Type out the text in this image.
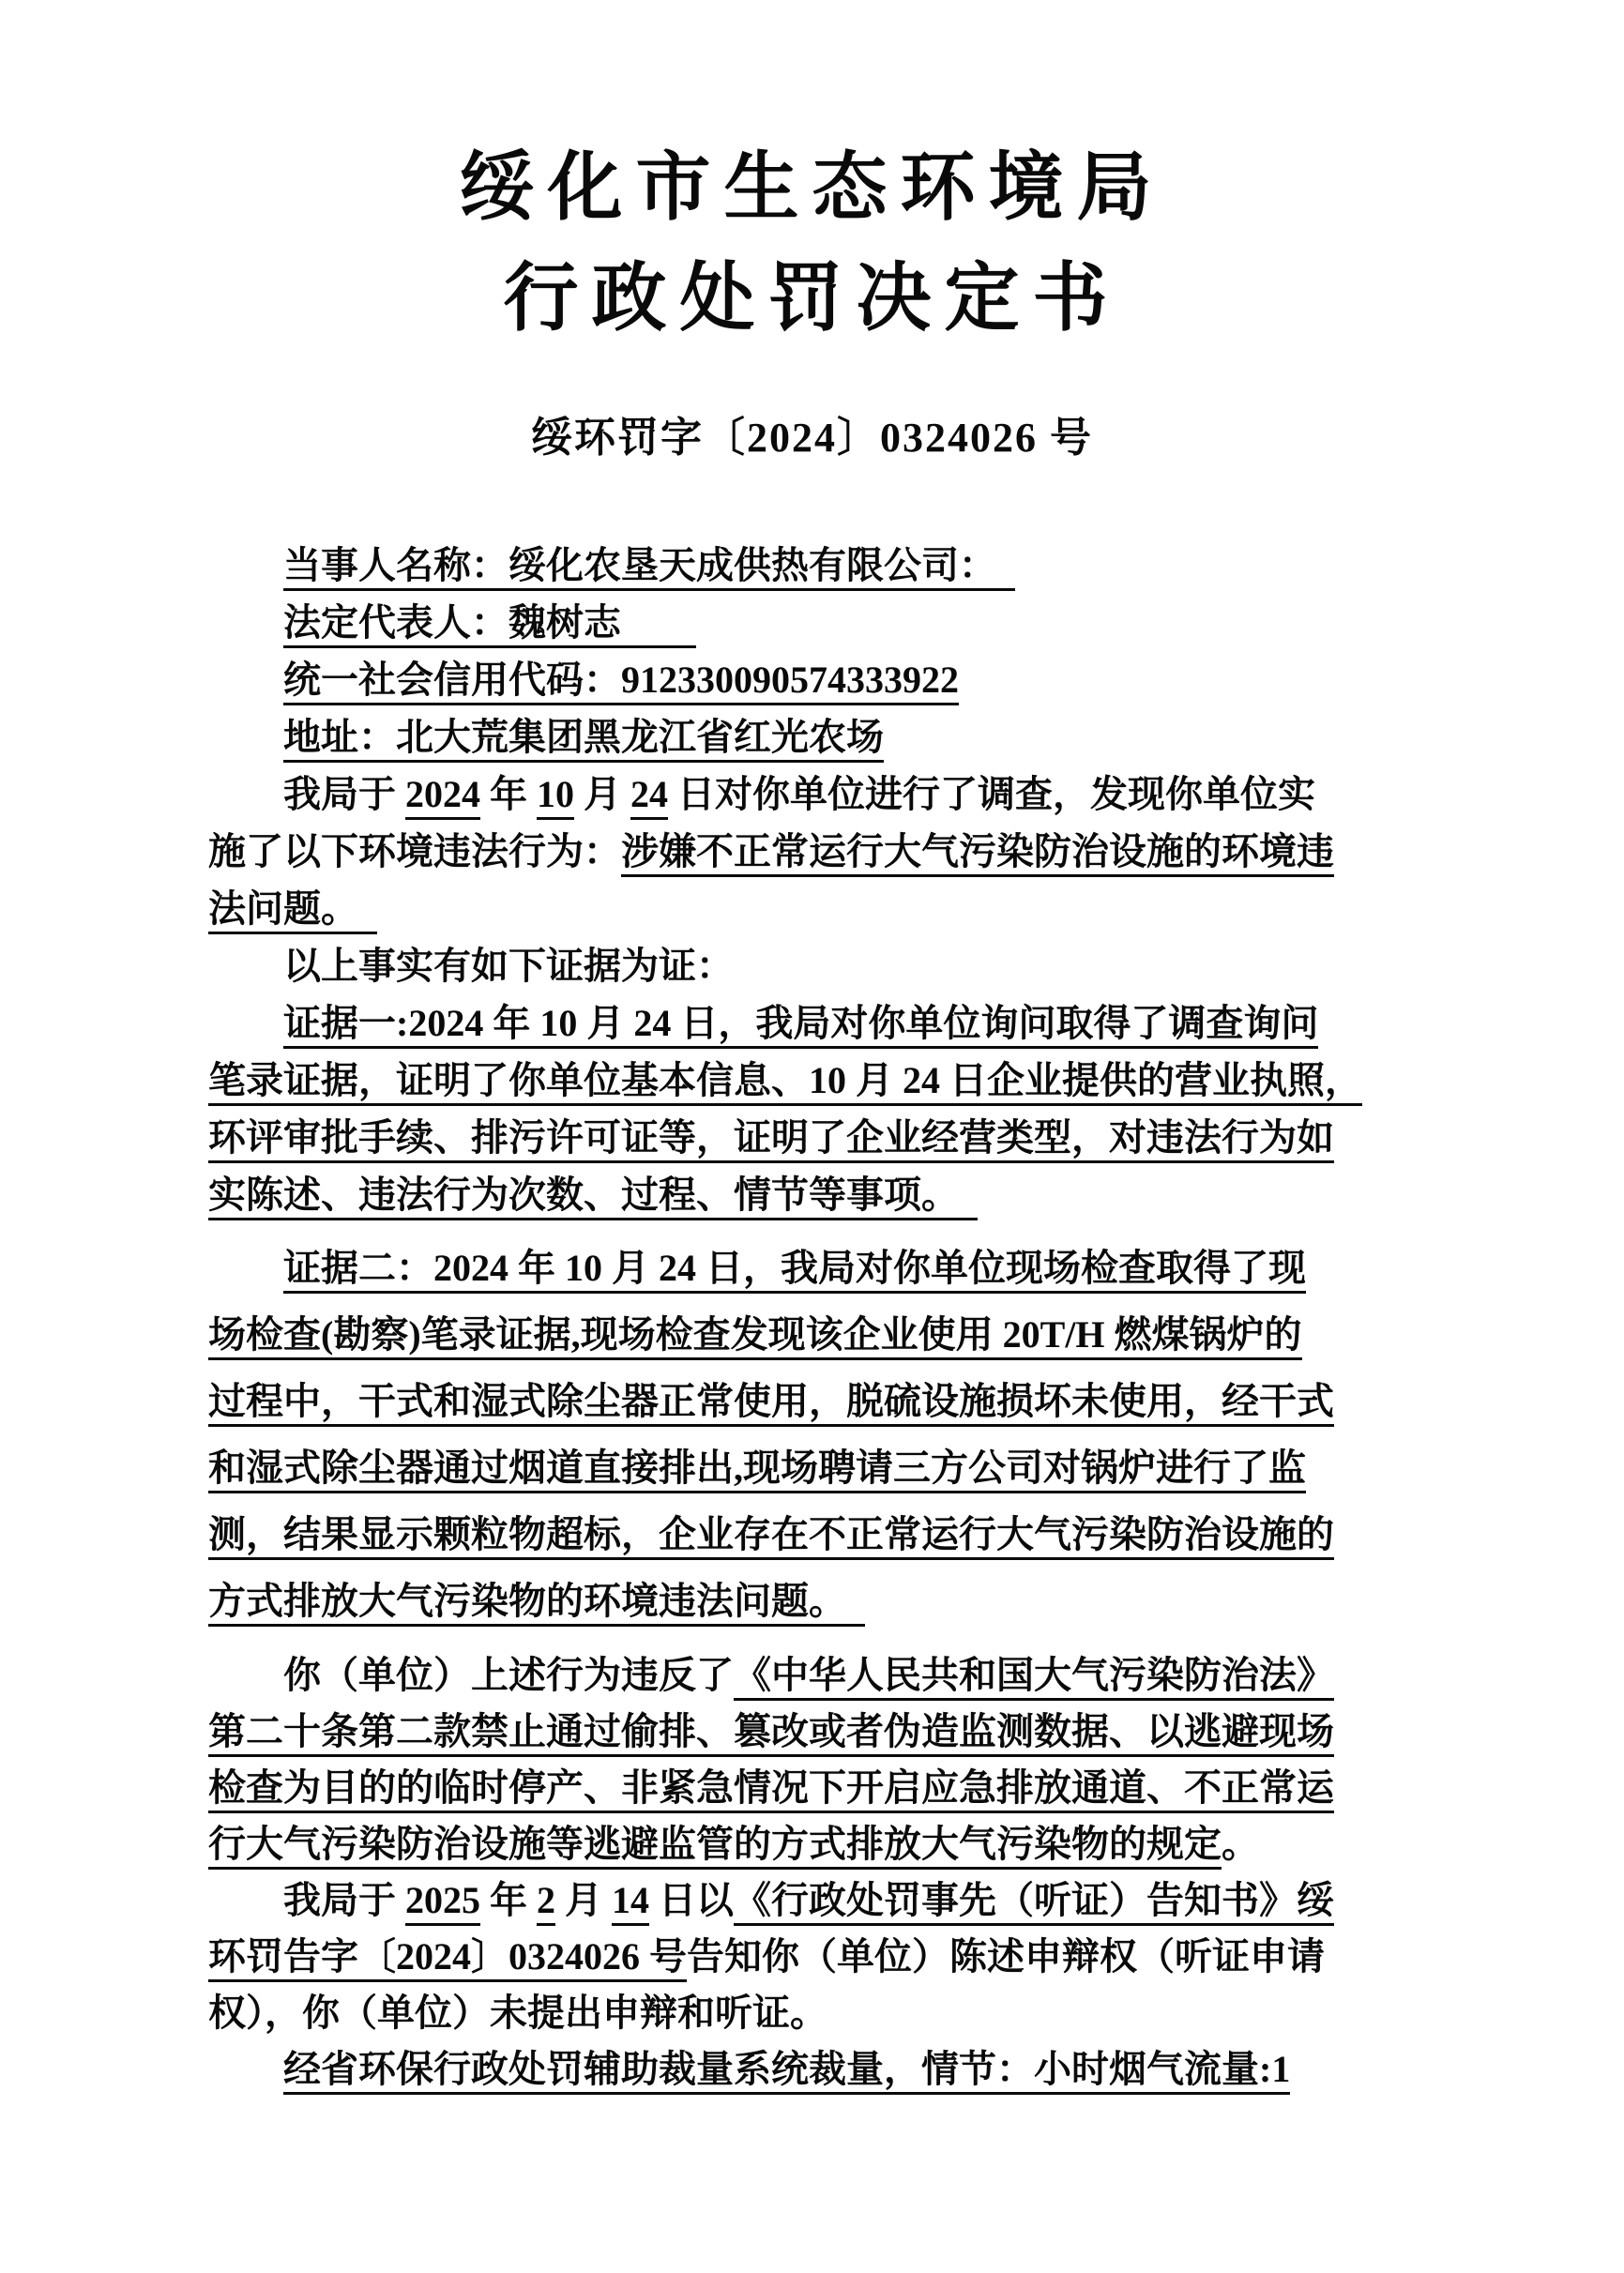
绥化市生态环境局
行政处罚决定书
绥环罚字〔2024〕0324026 号
当事人名称：绥化农垦天成供热有限公司：　
法定代表人：魏树志　　
统一社会信用代码：912330090574333922
地址：北大荒集团黑龙江省红光农场
我局于 2024 年 10 月 24 日对你单位进行了调查，发现你单位实
施了以下环境违法行为：涉嫌不正常运行大气污染防治设施的环境违
法问题。　
以上事实有如下证据为证：
证据一:2024 年 10 月 24 日，我局对你单位询问取得了调查询问
笔录证据，证明了你单位基本信息、10 月 24 日企业提供的营业执照，
环评审批手续、排污许可证等，证明了企业经营类型，对违法行为如
实陈述、违法行为次数、过程、情节等事项。　
证据二：2024 年 10 月 24 日，我局对你单位现场检查取得了现
场检查(勘察)笔录证据,现场检查发现该企业使用 20T/H 燃煤锅炉的
过程中，干式和湿式除尘器正常使用，脱硫设施损坏未使用，经干式
和湿式除尘器通过烟道直接排出,现场聘请三方公司对锅炉进行了监
测，结果显示颗粒物超标，企业存在不正常运行大气污染防治设施的
方式排放大气污染物的环境违法问题。　
你（单位）上述行为违反了《中华人民共和国大气污染防治法》
第二十条第二款禁止通过偷排、篡改或者伪造监测数据、以逃避现场
检查为目的的临时停产、非紧急情况下开启应急排放通道、不正常运
行大气污染防治设施等逃避监管的方式排放大气污染物的规定。
我局于 2025 年 2 月 14 日以《行政处罚事先（听证）告知书》绥
环罚告字〔2024〕0324026 号告知你（单位）陈述申辩权（听证申请
权），你（单位）未提出申辩和听证。
经省环保行政处罚辅助裁量系统裁量，情节：小时烟气流量:1
